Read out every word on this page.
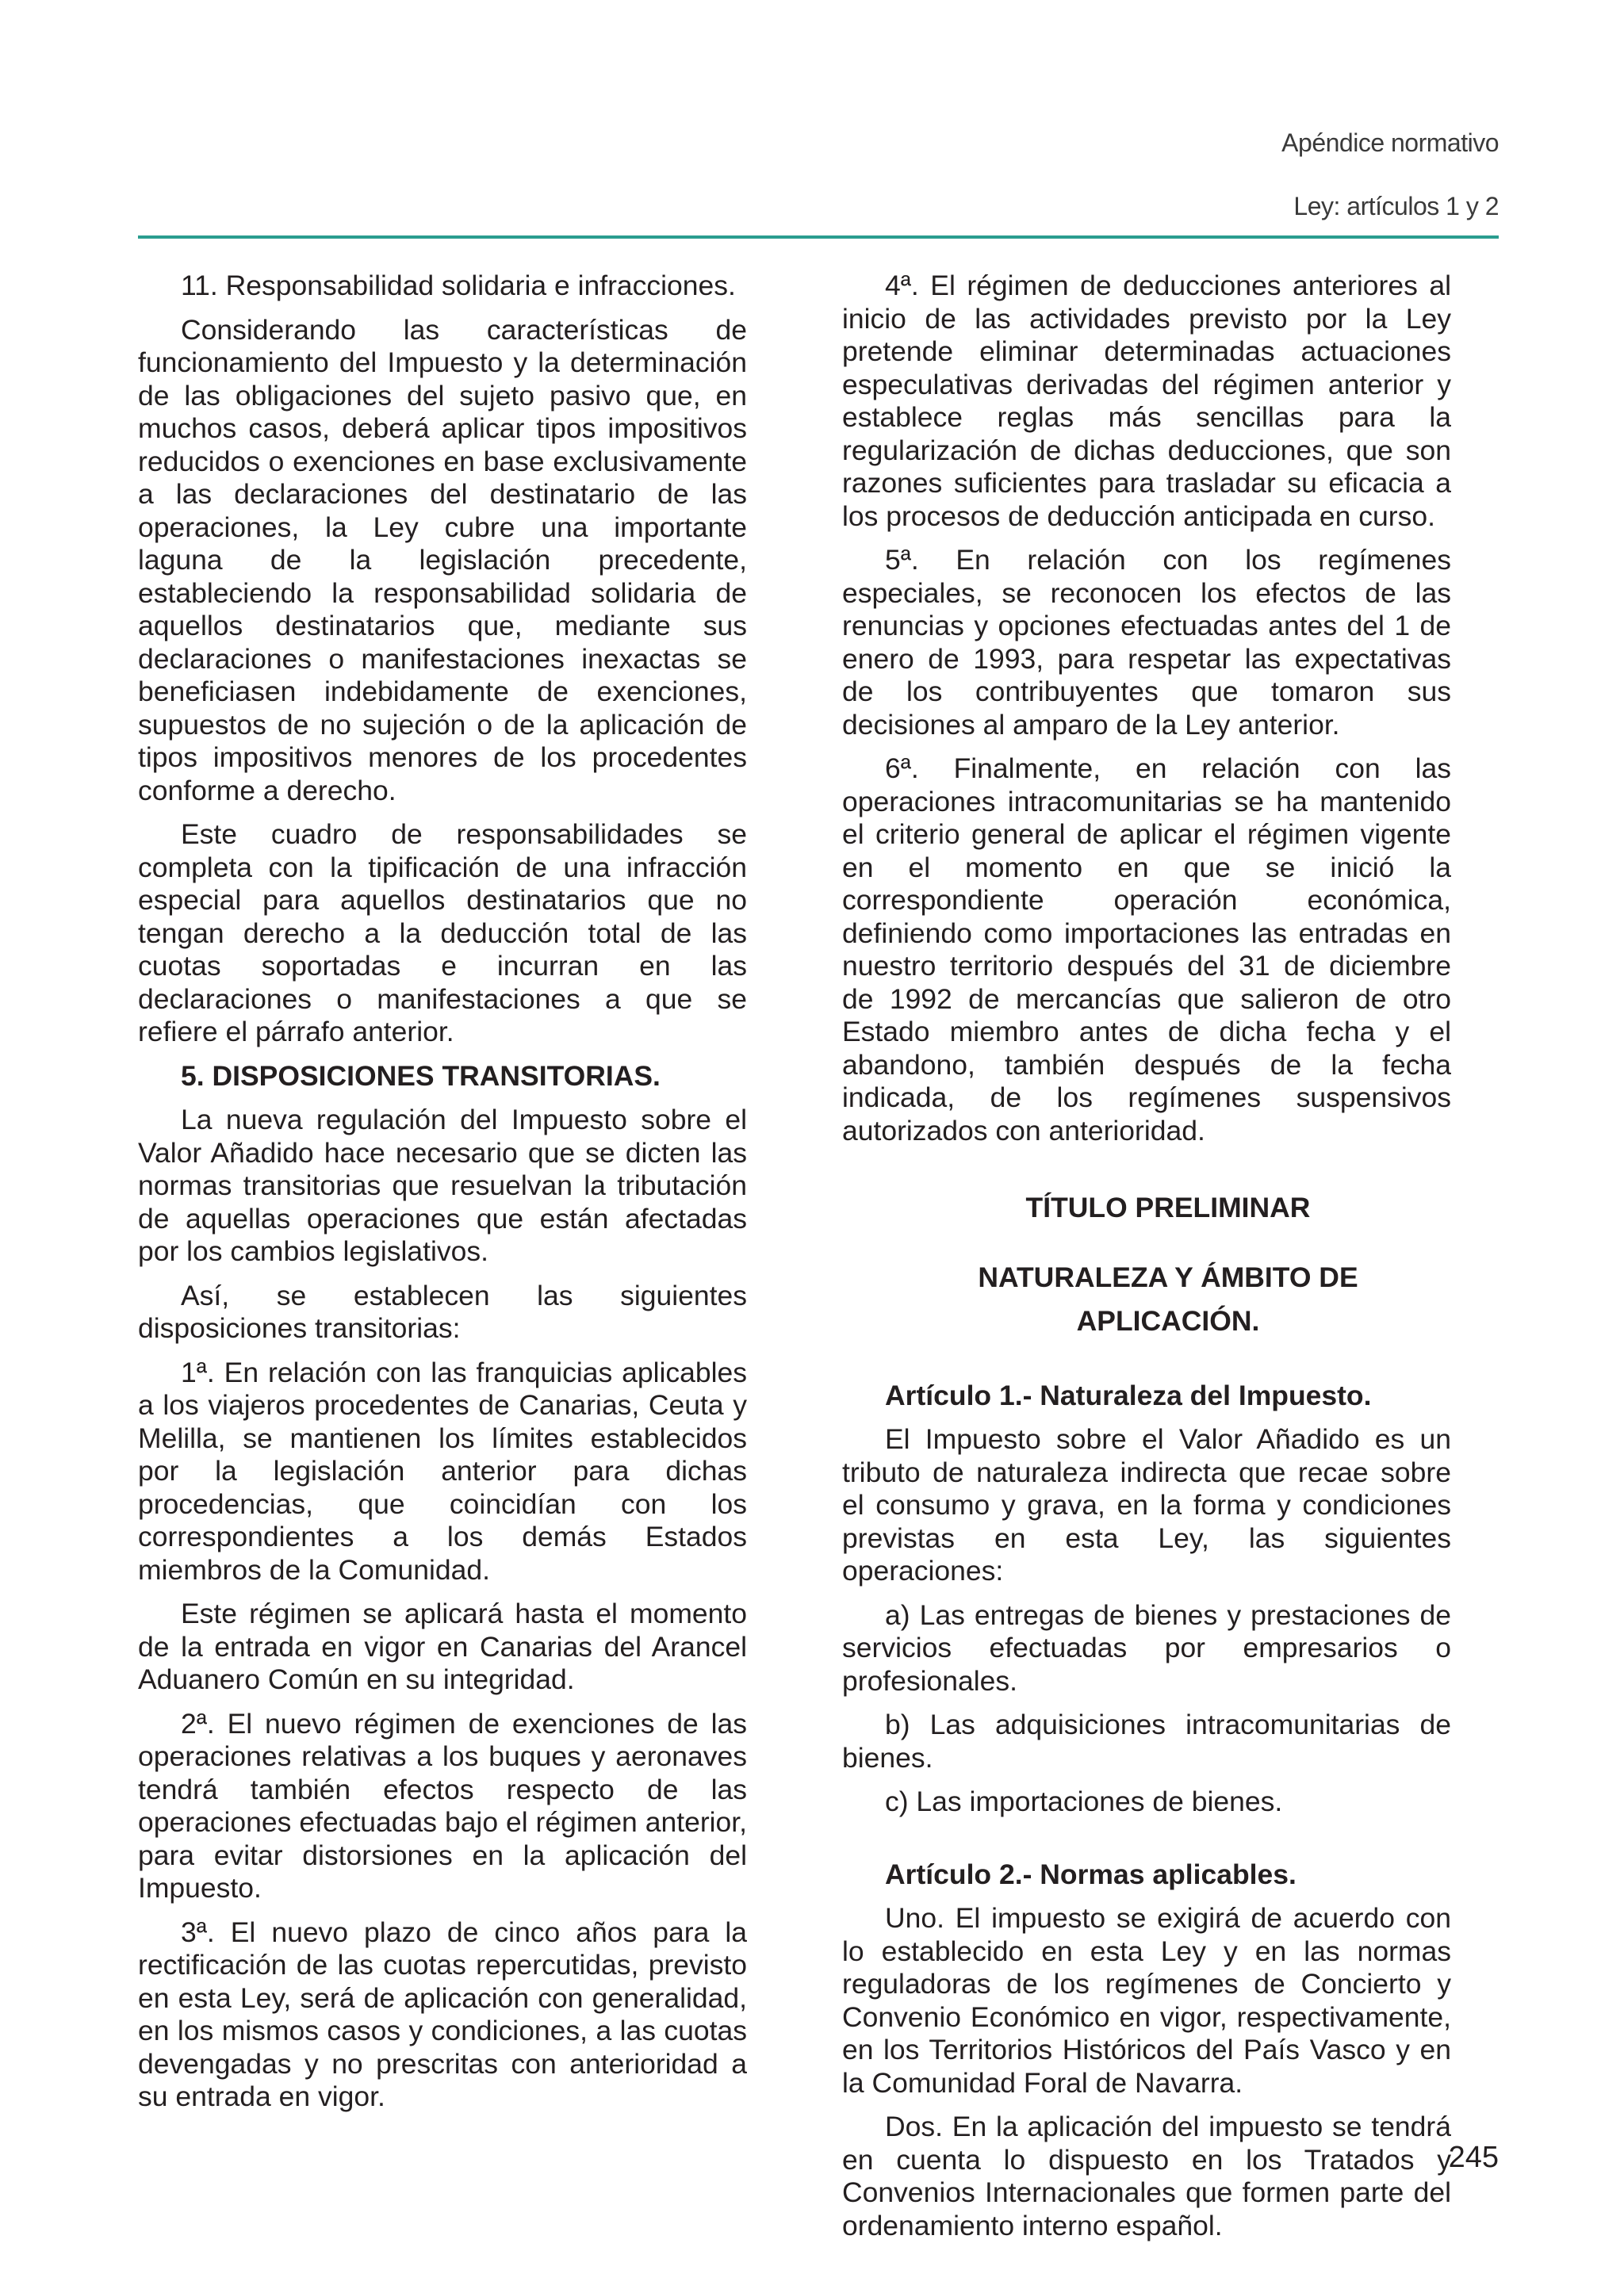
Apéndice normativo

Ley: artículos 1 y 2

11. Responsabilidad solidaria e infracciones.

Considerando las características de funcionamiento del Impuesto y la determinación de las obligaciones del sujeto pasivo que, en muchos casos, deberá aplicar tipos impositivos reducidos o exenciones en base exclusivamente a las declaraciones del destinatario de las operaciones, la Ley cubre una importante laguna de la legislación precedente, estableciendo la responsabilidad solidaria de aquellos destinatarios que, mediante sus declaraciones o manifestaciones inexactas se beneficiasen indebidamente de exenciones, supuestos de no sujeción o de la aplicación de tipos impositivos menores de los procedentes conforme a derecho.

Este cuadro de responsabilidades se completa con la tipificación de una infracción especial para aquellos destinatarios que no tengan derecho a la deducción total de las cuotas soportadas e incurran en las declaraciones o manifestaciones a que se refiere el párrafo anterior.

5. DISPOSICIONES TRANSITORIAS.

La nueva regulación del Impuesto sobre el Valor Añadido hace necesario que se dicten las normas transitorias que resuelvan la tributación de aquellas operaciones que están afectadas por los cambios legislativos.

Así, se establecen las siguientes disposiciones transitorias:

1ª. En relación con las franquicias aplicables a los viajeros procedentes de Canarias, Ceuta y Melilla, se mantienen los límites establecidos por la legislación anterior para dichas procedencias, que coincidían con los correspondientes a los demás Estados miembros de la Comunidad.

Este régimen se aplicará hasta el momento de la entrada en vigor en Canarias del Arancel Aduanero Común en su integridad.

2ª. El nuevo régimen de exenciones de las operaciones relativas a los buques y aeronaves tendrá también efectos respecto de las operaciones efectuadas bajo el régimen anterior, para evitar distorsiones en la aplicación del Impuesto.

3ª. El nuevo plazo de cinco años para la rectificación de las cuotas repercutidas, previsto en esta Ley, será de aplicación con generalidad, en los mismos casos y condiciones, a las cuotas devengadas y no prescritas con anterioridad a su entrada en vigor.

4ª. El régimen de deducciones anteriores al inicio de las actividades previsto por la Ley pretende eliminar determinadas actuaciones especulativas derivadas del régimen anterior y establece reglas más sencillas para la regularización de dichas deducciones, que son razones suficientes para trasladar su eficacia a los procesos de deducción anticipada en curso.

5ª. En relación con los regímenes especiales, se reconocen los efectos de las renuncias y opciones efectuadas antes del 1 de enero de 1993, para respetar las expectativas de los contribuyentes que tomaron sus decisiones al amparo de la Ley anterior.

6ª. Finalmente, en relación con las operaciones intracomunitarias se ha mantenido el criterio general de aplicar el régimen vigente en el momento en que se inició la correspondiente operación económica, definiendo como importaciones las entradas en nuestro territorio después del 31 de diciembre de 1992 de mercancías que salieron de otro Estado miembro antes de dicha fecha y el abandono, también después de la fecha indicada, de los regímenes suspensivos autorizados con anterioridad.

TÍTULO PRELIMINAR

NATURALEZA Y ÁMBITO DE

APLICACIÓN.

Artículo 1.- Naturaleza del Impuesto.

El Impuesto sobre el Valor Añadido es un tributo de naturaleza indirecta que recae sobre el consumo y grava, en la forma y condiciones previstas en esta Ley, las siguientes operaciones:

a) Las entregas de bienes y prestaciones de servicios efectuadas por empresarios o profesionales.

b) Las adquisiciones intracomunitarias de bienes.

c) Las importaciones de bienes.

Artículo 2.- Normas aplicables.

Uno. El impuesto se exigirá de acuerdo con lo establecido en esta Ley y en las normas reguladoras de los regímenes de Concierto y Convenio Económico en vigor, respectivamente, en los Territorios Históricos del País Vasco y en la Comunidad Foral de Navarra.

Dos. En la aplicación del impuesto se tendrá en cuenta lo dispuesto en los Tratados y Convenios Internacionales que formen parte del ordenamiento interno español.

245
